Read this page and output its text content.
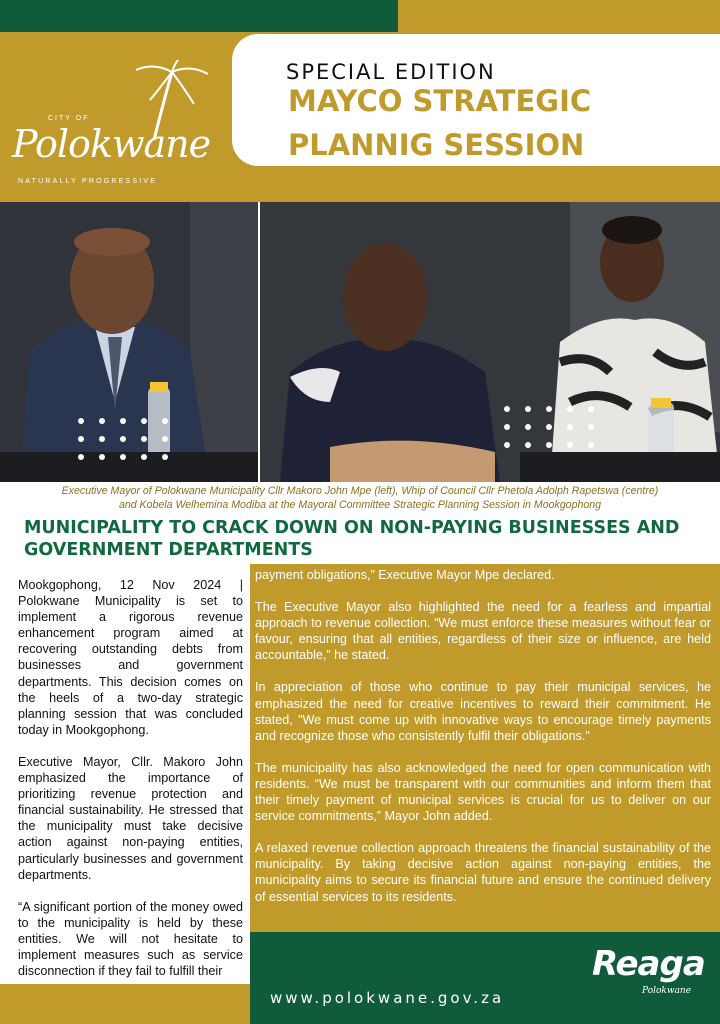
SPECIAL EDITION
MAYCO STRATEGIC
PLANNIG SESSION
CITY OF
Polokwane
NATURALLY PROGRESSIVE
Executive Mayor of Polokwane Municipality Cllr Makoro John Mpe (left), Whip of Council Cllr Phetola Adolph Rapetswa (centre)
and Kobela Welhemina Modiba at the Mayoral Committee Strategic Planning Session in Mookgophong
MUNICIPALITY TO CRACK DOWN ON NON-PAYING BUSINESSES AND GOVERNMENT DEPARTMENTS

Mookgophong, 12 Nov 2024 | Polokwane Municipality is set to implement a rigorous revenue enhancement program aimed at recovering outstanding debts from businesses and government departments. This decision comes on the heels of a two-day strategic planning session that was concluded today in Mookgophong.

Executive Mayor, Cllr. Makoro John emphasized the importance of prioritizing revenue protection and financial sustainability. He stressed that the municipality must take decisive action against non-paying entities, particularly businesses and government departments.

“A significant portion of the money owed to the municipality is held by these entities. We will not hesitate to implement measures such as service disconnection if they fail to fulfill their

payment obligations,” Executive Mayor Mpe declared.

The Executive Mayor also highlighted the need for a fearless and impartial approach to revenue collection. “We must enforce these measures without fear or favour, ensuring that all entities, regardless of their size or influence, are held accountable,” he stated.

In appreciation of those who continue to pay their municipal services, he emphasized the need for creative incentives to reward their commitment. He stated, "We must come up with innovative ways to encourage timely payments and recognize those who consistently fulfil their obligations."

The municipality has also acknowledged the need for open communication with residents. “We must be transparent with our communities and inform them that their timely payment of municipal services is crucial for us to deliver on our service commitments,” Mayor John added.

A relaxed revenue collection approach threatens the financial sustainability of the municipality. By taking decisive action against non-paying entities, the municipality aims to secure its financial future and ensure the continued delivery of essential services to its residents.

www.polokwane.gov.za
Reaga
Polokwane
